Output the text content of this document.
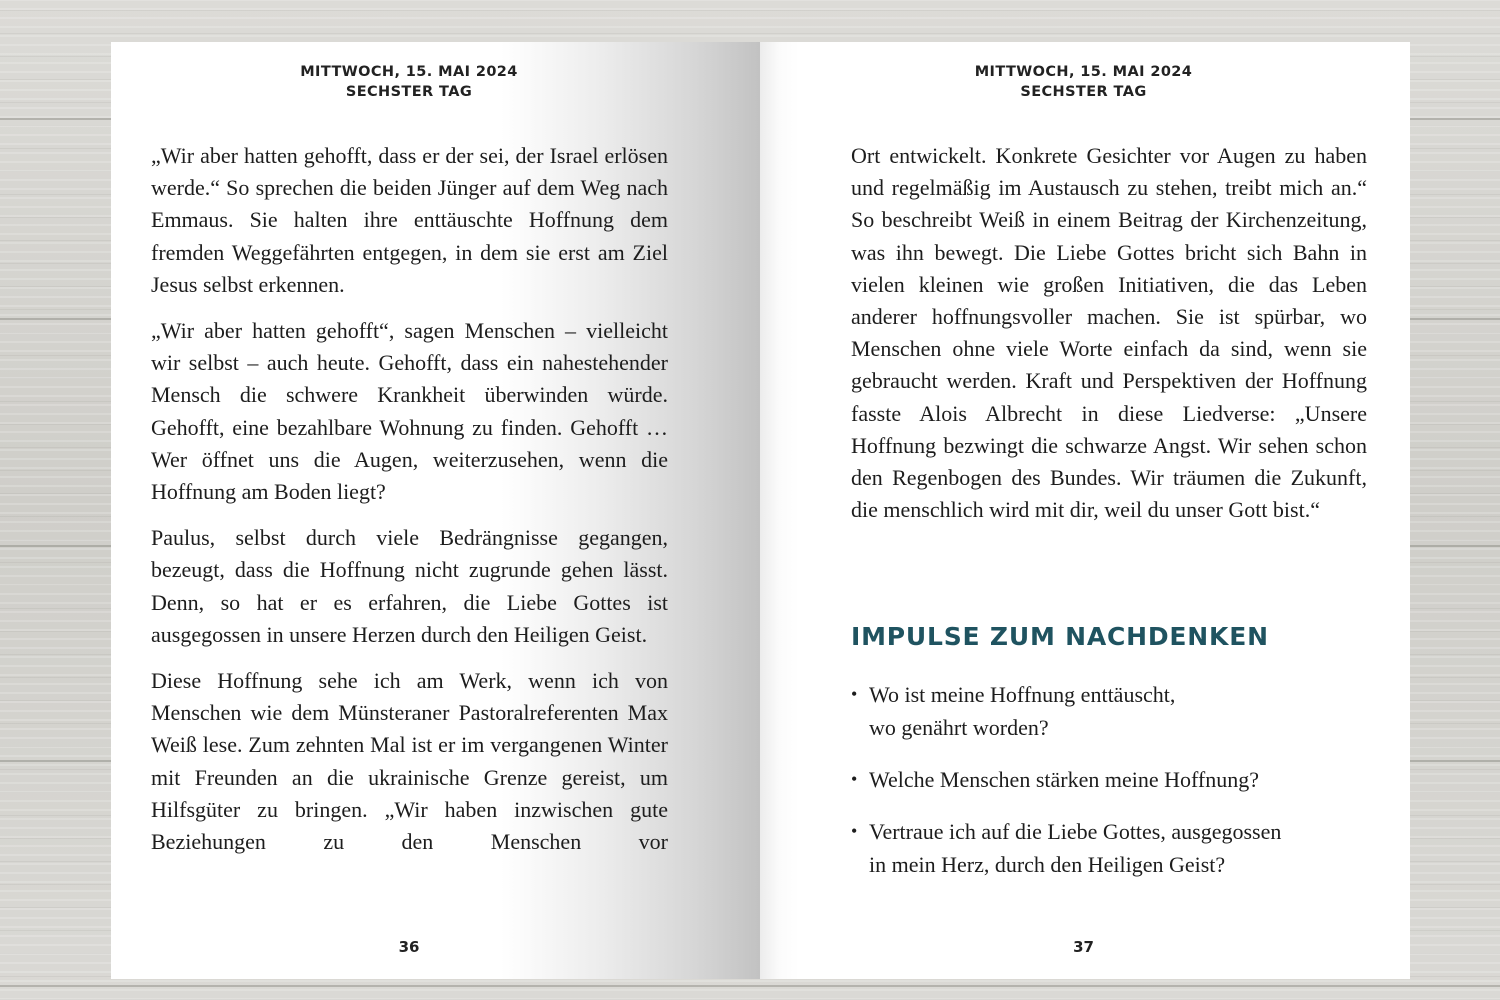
MITTWOCH, 15. MAI 2024
SECHSTER TAG

„Wir aber hatten gehofft, dass er der sei, der Israel erlösen werde.“ So sprechen die beiden Jünger auf dem Weg nach Emmaus. Sie halten ihre enttäuschte Hoffnung dem fremden Weggefährten entgegen, in dem sie erst am Ziel Jesus selbst erkennen.

„Wir aber hatten gehofft“, sagen Menschen – vielleicht wir selbst – auch heute. Gehofft, dass ein nahestehender Mensch die schwere Krankheit überwinden würde. Gehofft, eine bezahlbare Wohnung zu finden. Gehofft … Wer öffnet uns die Augen, weiterzusehen, wenn die Hoffnung am Boden liegt?

Paulus, selbst durch viele Bedrängnisse gegangen, bezeugt, dass die Hoffnung nicht zugrunde gehen lässt. Denn, so hat er es erfahren, die Liebe Gottes ist ausgegossen in unsere Herzen durch den Heiligen Geist.

Diese Hoffnung sehe ich am Werk, wenn ich von Menschen wie dem Münsteraner Pastoralreferenten Max Weiß lese. Zum zehnten Mal ist er im vergangenen Winter mit Freunden an die ukrainische Grenze gereist, um Hilfsgüter zu bringen. „Wir haben inzwischen gute Beziehungen zu den Menschen vor

36
MITTWOCH, 15. MAI 2024
SECHSTER TAG

Ort entwickelt. Konkrete Gesichter vor Augen zu haben und regelmäßig im Austausch zu stehen, treibt mich an.“ So beschreibt Weiß in einem Beitrag der Kirchenzeitung, was ihn bewegt. Die Liebe Gottes bricht sich Bahn in vielen kleinen wie großen Initiativen, die das Leben anderer hoffnungsvoller machen. Sie ist spürbar, wo Menschen ohne viele Worte einfach da sind, wenn sie gebraucht werden. Kraft und Perspektiven der Hoffnung fasste Alois Albrecht in diese Liedverse: „Unsere Hoffnung bezwingt die schwarze Angst. Wir sehen schon den Regenbogen des Bundes. Wir träumen die Zukunft, die menschlich wird mit dir, weil du unser Gott bist.“

IMPULSE ZUM NACHDENKEN
• Wo ist meine Hoffnung enttäuscht,
wo genährt worden?
• Welche Menschen stärken meine Hoffnung?
• Vertraue ich auf die Liebe Gottes, ausgegossen
in mein Herz, durch den Heiligen Geist?
37
